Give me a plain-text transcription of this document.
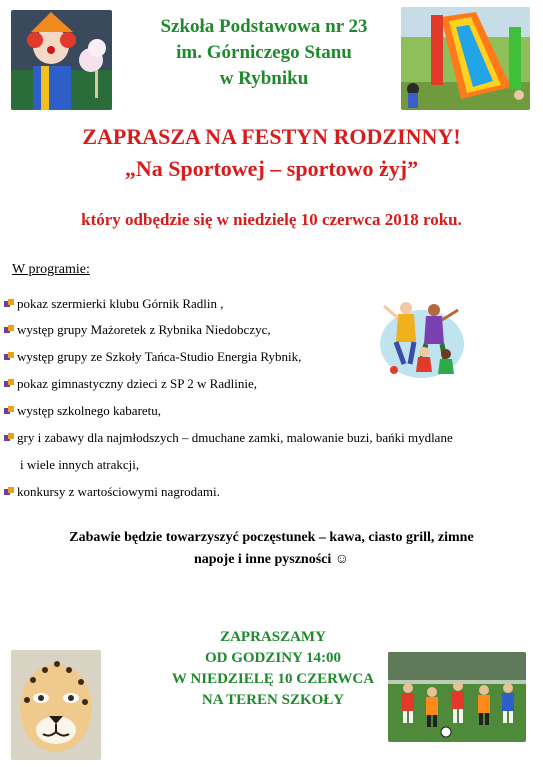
Szkoła Podstawowa nr 23
im. Górniczego Stanu
w Rybniku
ZAPRASZA NA FESTYN RODZINNY!
„Na Sportowej – sportowo żyj”
który odbędzie się w niedzielę 10 czerwca 2018 roku.
W programie:
pokaz szermierki klubu Górnik Radlin ,
występ grupy Mażoretek z Rybnika Niedobczyc,
występ grupy ze Szkoły Tańca-Studio Energia Rybnik,
pokaz gimnastyczny dzieci z SP 2 w Radlinie,
występ szkolnego kabaretu,
gry i zabawy dla najmłodszych – dmuchane zamki, malowanie buzi, bańki mydlane
i wiele innych atrakcji,
konkursy z wartościowymi nagrodami.
Zabawie będzie towarzyszyć poczęstunek – kawa, ciasto grill, zimne
napoje i inne pyszności ☺
ZAPRASZAMY
OD GODZINY 14:00
W NIEDZIELĘ 10 CZERWCA
NA TEREN SZKOŁY
